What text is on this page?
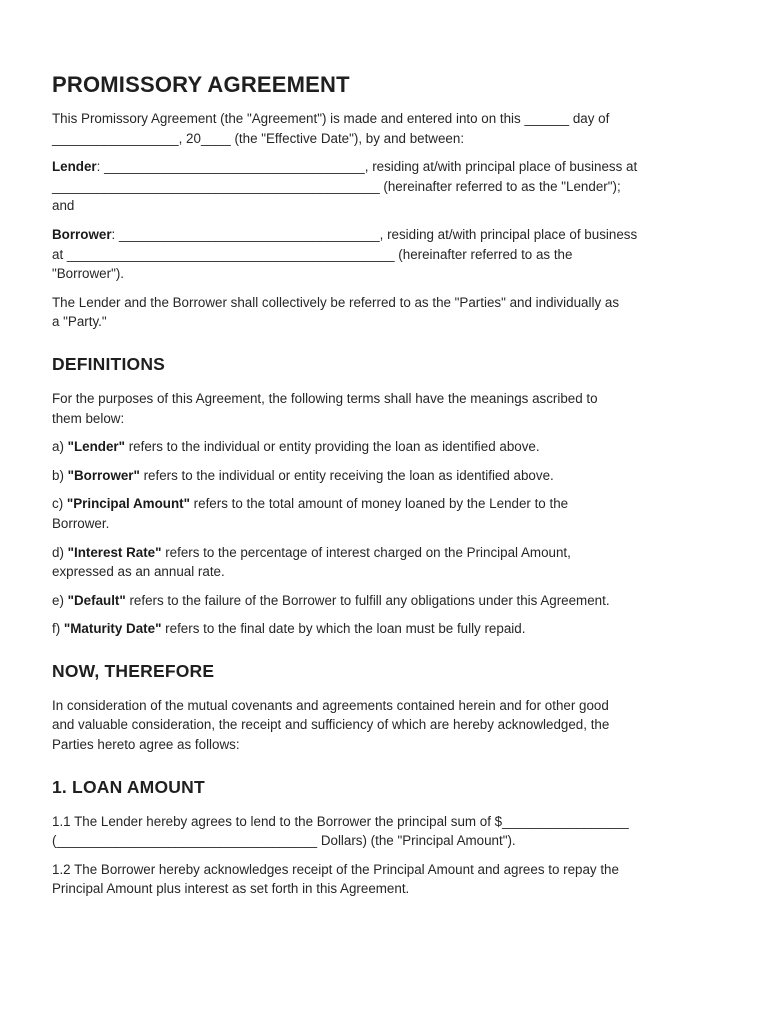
PROMISSORY AGREEMENT

This Promissory Agreement (the "Agreement") is made and entered into on this ______ day of
_________________, 20____ (the "Effective Date"), by and between:

Lender: ___________________________________, residing at/with principal place of business at
____________________________________________ (hereinafter referred to as the "Lender");
and

Borrower: ___________________________________, residing at/with principal place of business
at ____________________________________________ (hereinafter referred to as the
"Borrower").

The Lender and the Borrower shall collectively be referred to as the "Parties" and individually as
a "Party."

DEFINITIONS

For the purposes of this Agreement, the following terms shall have the meanings ascribed to
them below:

a) "Lender" refers to the individual or entity providing the loan as identified above.

b) "Borrower" refers to the individual or entity receiving the loan as identified above.

c) "Principal Amount" refers to the total amount of money loaned by the Lender to the
Borrower.

d) "Interest Rate" refers to the percentage of interest charged on the Principal Amount,
expressed as an annual rate.

e) "Default" refers to the failure of the Borrower to fulfill any obligations under this Agreement.

f) "Maturity Date" refers to the final date by which the loan must be fully repaid.

NOW, THEREFORE

In consideration of the mutual covenants and agreements contained herein and for other good
and valuable consideration, the receipt and sufficiency of which are hereby acknowledged, the
Parties hereto agree as follows:

1. LOAN AMOUNT

1.1 The Lender hereby agrees to lend to the Borrower the principal sum of $_________________
(___________________________________ Dollars) (the "Principal Amount").

1.2 The Borrower hereby acknowledges receipt of the Principal Amount and agrees to repay the
Principal Amount plus interest as set forth in this Agreement.
